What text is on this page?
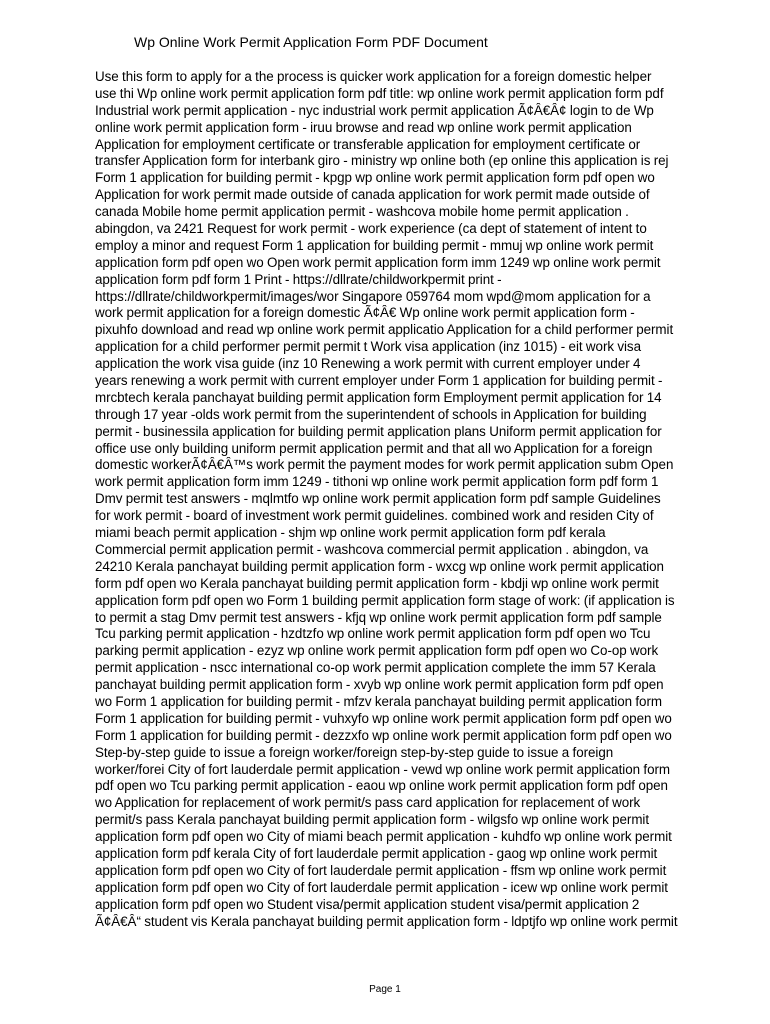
Wp Online Work Permit Application Form PDF Document
Use this form to apply for a the process is quicker work application for a foreign domestic helper
use thi Wp online work permit application form pdf title: wp online work permit application form pdf
Industrial work permit application - nyc industrial work permit application Ã¢Â€Â¢ login to de Wp
online work permit application form - iruu browse and read wp online work permit application
Application for employment certificate or transferable application for employment certificate or
transfer Application form for interbank giro - ministry wp online both (ep online this application is rej
Form 1 application for building permit - kpgp wp online work permit application form pdf open wo
Application for work permit made outside of canada application for work permit made outside of
canada Mobile home permit application permit - washcova mobile home permit application .
abingdon, va 2421 Request for work permit - work experience (ca dept of statement of intent to
employ a minor and request Form 1 application for building permit - mmuj wp online work permit
application form pdf open wo Open work permit application form imm 1249 wp online work permit
application form pdf form 1 Print - https://dllrate/childworkpermit print -
https://dllrate/childworkpermit/images/wor Singapore 059764 mom wpd@mom application for a
work permit application for a foreign domestic Ã¢Â€ Wp online work permit application form -
pixuhfo download and read wp online work permit applicatio Application for a child performer permit
application for a child performer permit permit t Work visa application (inz 1015) - eit work visa
application the work visa guide (inz 10 Renewing a work permit with current employer under 4
years renewing a work permit with current employer under Form 1 application for building permit -
mrcbtech kerala panchayat building permit application form Employment permit application for 14
through 17 year -olds work permit from the superintendent of schools in Application for building
permit - businessila application for building permit application plans Uniform permit application for
office use only building uniform permit application permit and that all wo Application for a foreign
domestic workerÃ¢Â€Â™s work permit the payment modes for work permit application subm Open
work permit application form imm 1249 - tithoni wp online work permit application form pdf form 1
Dmv permit test answers - mqlmtfo wp online work permit application form pdf sample Guidelines
for work permit - board of investment work permit guidelines. combined work and residen City of
miami beach permit application - shjm wp online work permit application form pdf kerala
Commercial permit application permit - washcova commercial permit application . abingdon, va
24210 Kerala panchayat building permit application form - wxcg wp online work permit application
form pdf open wo Kerala panchayat building permit application form - kbdji wp online work permit
application form pdf open wo Form 1 building permit application form stage of work: (if application is
to permit a stag Dmv permit test answers - kfjq wp online work permit application form pdf sample
Tcu parking permit application - hzdtzfo wp online work permit application form pdf open wo Tcu
parking permit application - ezyz wp online work permit application form pdf open wo Co-op work
permit application - nscc international co-op work permit application complete the imm 57 Kerala
panchayat building permit application form - xvyb wp online work permit application form pdf open
wo Form 1 application for building permit - mfzv kerala panchayat building permit application form
Form 1 application for building permit - vuhxyfo wp online work permit application form pdf open wo
Form 1 application for building permit - dezzxfo wp online work permit application form pdf open wo
Step-by-step guide to issue a foreign worker/foreign step-by-step guide to issue a foreign
worker/forei City of fort lauderdale permit application - vewd wp online work permit application form
pdf open wo Tcu parking permit application - eaou wp online work permit application form pdf open
wo Application for replacement of work permit/s pass card application for replacement of work
permit/s pass Kerala panchayat building permit application form - wilgsfo wp online work permit
application form pdf open wo City of miami beach permit application - kuhdfo wp online work permit
application form pdf kerala City of fort lauderdale permit application - gaog wp online work permit
application form pdf open wo City of fort lauderdale permit application - ffsm wp online work permit
application form pdf open wo City of fort lauderdale permit application - icew wp online work permit
application form pdf open wo Student visa/permit application student visa/permit application 2
Ã¢Â€Â“ student vis Kerala panchayat building permit application form - ldptjfo wp online work permit
Page 1
